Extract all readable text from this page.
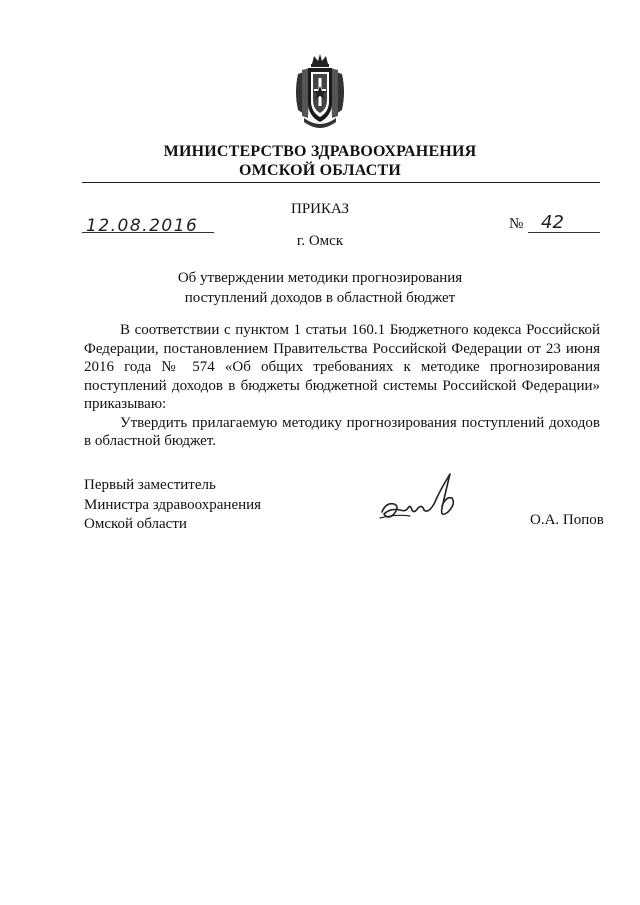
МИНИСТЕРСТВО ЗДРАВООХРАНЕНИЯ
ОМСКОЙ ОБЛАСТИ
ПРИКАЗ
12.08.2016	№ 42
г. Омск
Об утверждении методики прогнозирования поступлений доходов в областной бюджет

В соответствии с пунктом 1 статьи 160.1 Бюджетного кодекса Российской Федерации, постановлением Правительства Российской Федерации от 23 июня 2016 года № 574 «Об общих требованиях к методике прогнозирования поступлений доходов в бюджеты бюджетной системы Российской Федерации» приказываю:

Утвердить прилагаемую методику прогнозирования поступлений доходов в областной бюджет.

Первый заместитель
Министра здравоохранения
Омской области	О.А. Попов
